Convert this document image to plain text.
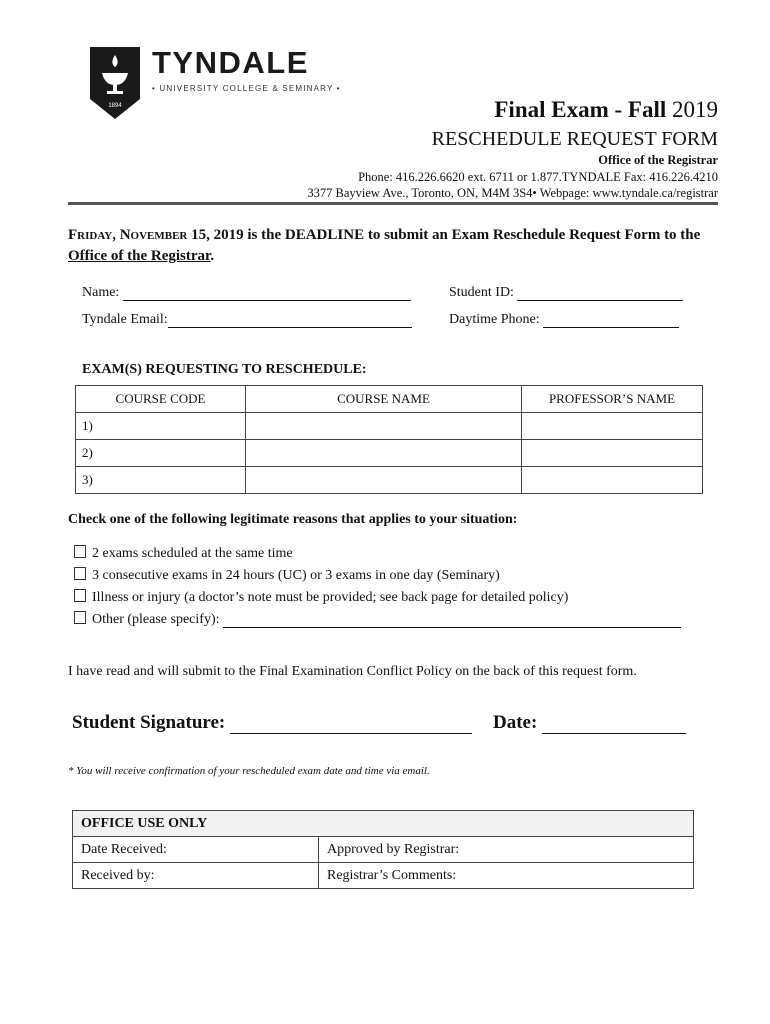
1894
TYNDALE
• UNIVERSITY COLLEGE & SEMINARY •
Final Exam - Fall 2019
RESCHEDULE REQUEST FORM
Office of the Registrar
Phone: 416.226.6620 ext. 6711 or 1.877.TYNDALE Fax: 416.226.4210
3377 Bayview Ave., Toronto, ON, M4M 3S4• Webpage: www.tyndale.ca/registrar
Friday, November 15, 2019 is the DEADLINE to submit an Exam Reschedule Request Form to the Office of the Registrar.
Name:	Student ID:
Tyndale Email:	Daytime Phone:
EXAM(S) REQUESTING TO RESCHEDULE:
COURSE CODE	COURSE NAME	PROFESSOR’S NAME
1)		
2)		
3)		
Check one of the following legitimate reasons that applies to your situation:
2 exams scheduled at the same time
3 consecutive exams in 24 hours (UC) or 3 exams in one day (Seminary)
Illness or injury (a doctor’s note must be provided; see back page for detailed policy)
Other (please specify):
I have read and will submit to the Final Examination Conflict Policy on the back of this request form.
Student Signature:	Date:
* You will receive confirmation of your rescheduled exam date and time via email.
OFFICE USE ONLY	
Date Received:	Approved by Registrar:
Received by:	Registrar’s Comments:
